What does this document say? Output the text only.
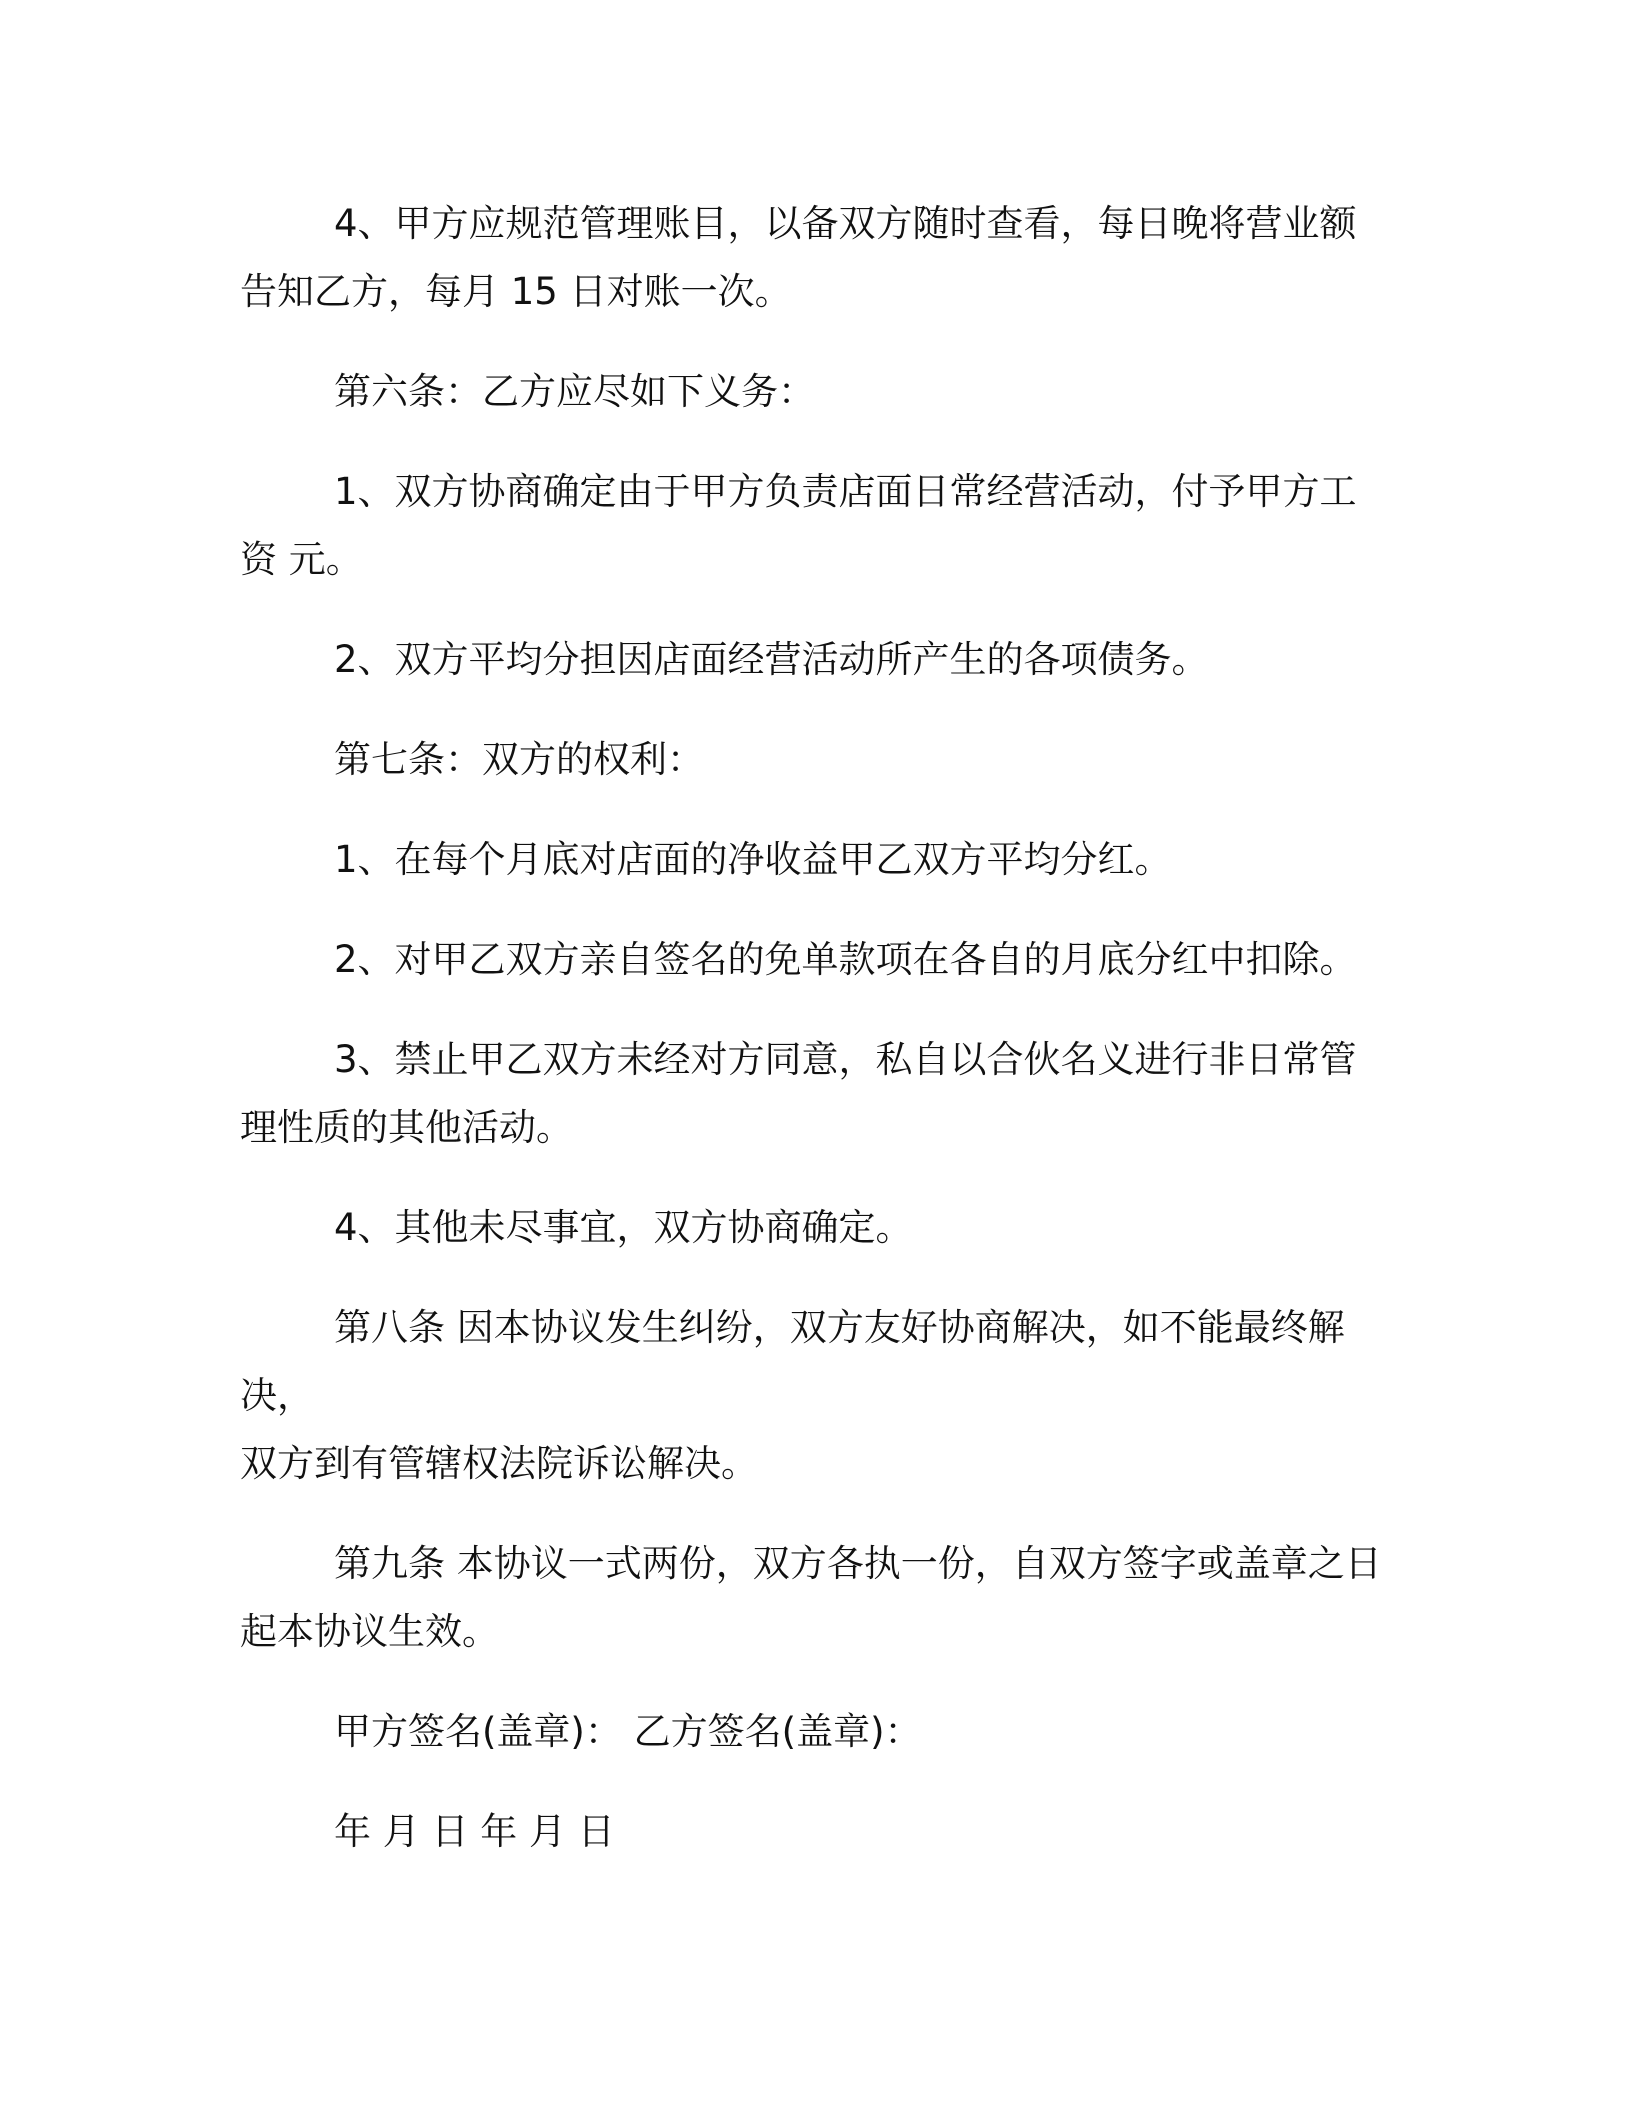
4、甲方应规范管理账目，以备双方随时查看，每日晚将营业额
告知乙方，每月 15 日对账一次。

第六条：乙方应尽如下义务：

1、双方协商确定由于甲方负责店面日常经营活动，付予甲方工
资 元。

2、双方平均分担因店面经营活动所产生的各项债务。

第七条：双方的权利：

1、在每个月底对店面的净收益甲乙双方平均分红。

2、对甲乙双方亲自签名的免单款项在各自的月底分红中扣除。

3、禁止甲乙双方未经对方同意，私自以合伙名义进行非日常管
理性质的其他活动。

4、其他未尽事宜，双方协商确定。

第八条 因本协议发生纠纷，双方友好协商解决，如不能最终解决，
双方到有管辖权法院诉讼解决。

第九条 本协议一式两份，双方各执一份，自双方签字或盖章之日
起本协议生效。

甲方签名(盖章)： 乙方签名(盖章)：

年 月 日 年 月 日
